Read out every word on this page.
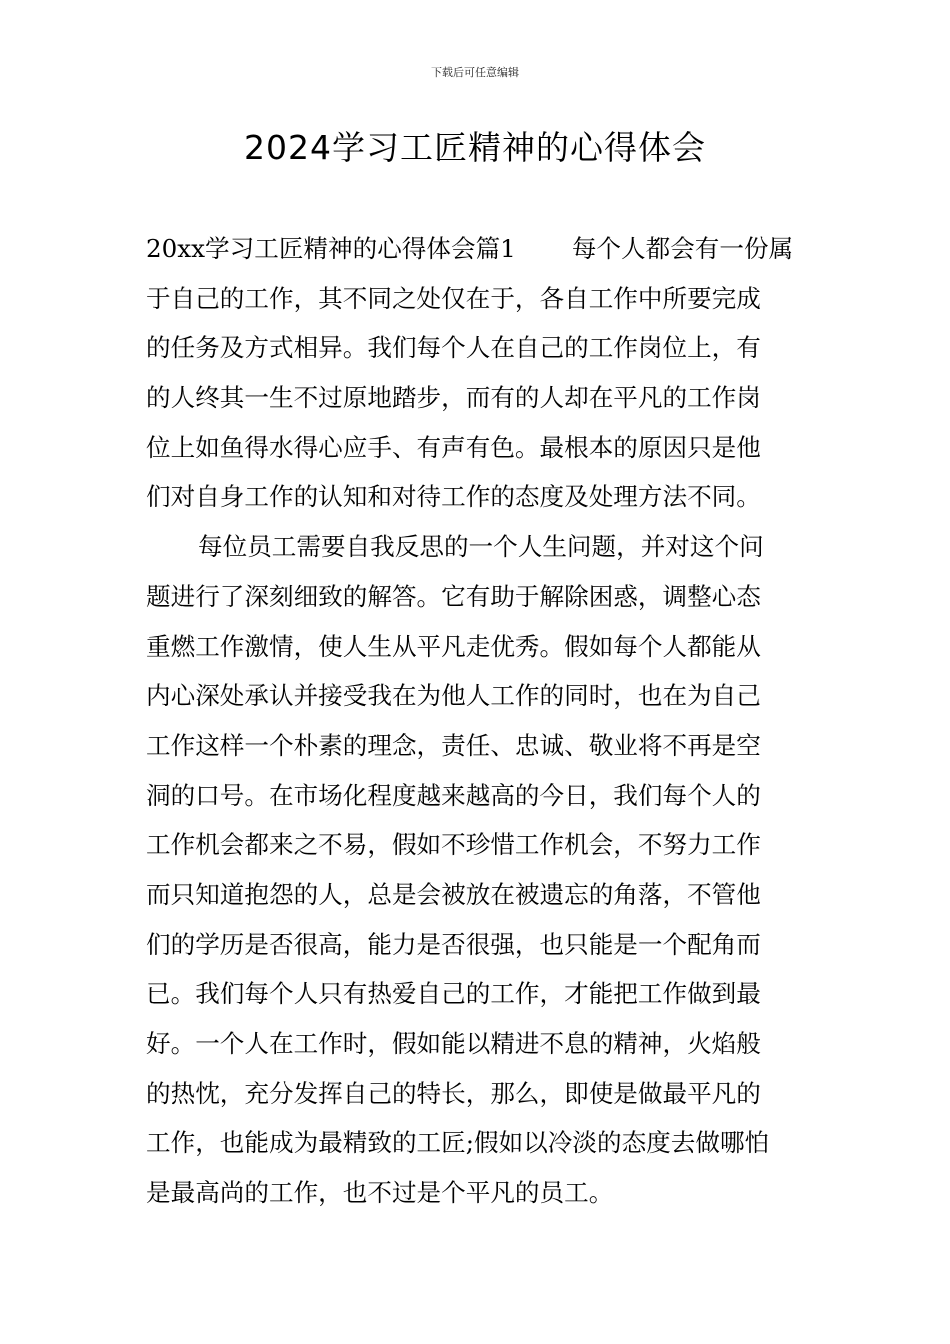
下载后可任意编辑
2024学习工匠精神的心得体会
20xx学习工匠精神的心得体会篇1 每个人都会有一份属
于自己的工作，其不同之处仅在于，各自工作中所要完成
的任务及方式相异。我们每个人在自己的工作岗位上，有
的人终其一生不过原地踏步，而有的人却在平凡的工作岗
位上如鱼得水得心应手、有声有色。最根本的原因只是他
们对自身工作的认知和对待工作的态度及处理方法不同。
每位员工需要自我反思的一个人生问题，并对这个问
题进行了深刻细致的解答。它有助于解除困惑，调整心态
重燃工作激情，使人生从平凡走优秀。假如每个人都能从
内心深处承认并接受我在为他人工作的同时，也在为自己
工作这样一个朴素的理念，责任、忠诚、敬业将不再是空
洞的口号。在市场化程度越来越高的今日，我们每个人的
工作机会都来之不易，假如不珍惜工作机会，不努力工作
而只知道抱怨的人，总是会被放在被遗忘的角落，不管他
们的学历是否很高，能力是否很强，也只能是一个配角而
已。我们每个人只有热爱自己的工作，才能把工作做到最
好。一个人在工作时，假如能以精进不息的精神，火焰般
的热忱，充分发挥自己的特长，那么，即使是做最平凡的
工作，也能成为最精致的工匠;假如以冷淡的态度去做哪怕
是最高尚的工作，也不过是个平凡的员工。
